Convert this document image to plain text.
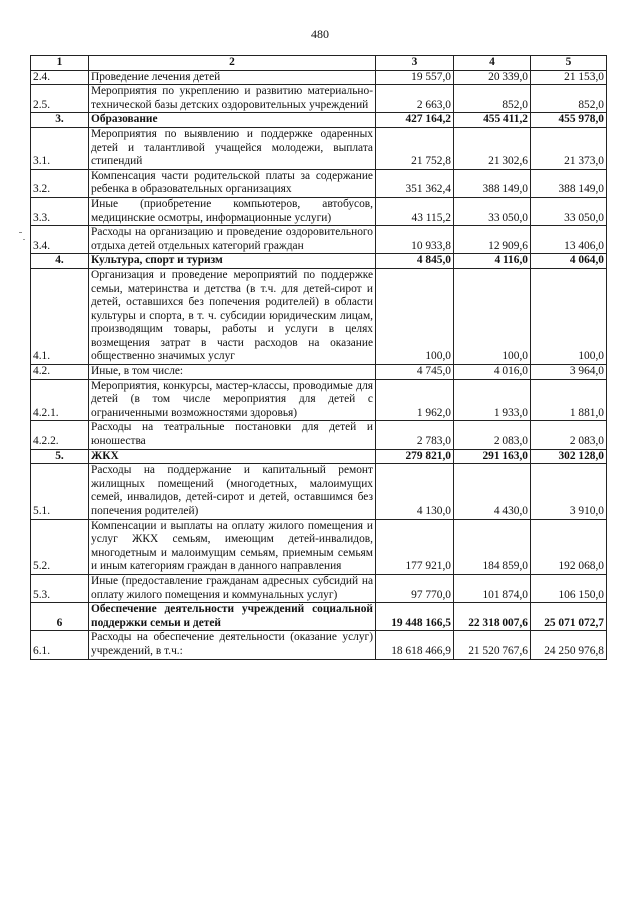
480
1	2	3	4	5
2.4.	Проведение лечения детей	19 557,0	20 339,0	21 153,0
2.5.	Мероприятия по укреплению и развитию материально-технической базы детских оздоровительных учреждений	2 663,0	852,0	852,0
3.	Образование	427 164,2	455 411,2	455 978,0
3.1.	Мероприятия по выявлению и поддержке одаренных детей и талантливой учащейся молодежи, выплата стипендий	21 752,8	21 302,6	21 373,0
3.2.	Компенсация части родительской платы за содержание ребенка в образовательных организациях	351 362,4	388 149,0	388 149,0
3.3.	Иные (приобретение компьютеров, автобусов, медицинские осмотры, информационные услуги)	43 115,2	33 050,0	33 050,0
3.4.	Расходы на организацию и проведение оздоровительного отдыха детей отдельных категорий граждан	10 933,8	12 909,6	13 406,0
4.	Культура, спорт и туризм	4 845,0	4 116,0	4 064,0
4.1.	Организация и проведение мероприятий по поддержке семьи, материнства и детства (в т.ч. для детей-сирот и детей, оставшихся без попечения родителей) в области культуры и спорта, в т. ч. субсидии юридическим лицам, производящим товары, работы и услуги в целях возмещения затрат в части расходов на оказание общественно значимых услуг	100,0	100,0	100,0
4.2.	Иные, в том числе:	4 745,0	4 016,0	3 964,0
4.2.1.	Мероприятия, конкурсы, мастер-классы, проводимые для детей (в том числе мероприятия для детей с ограниченными возможностями здоровья)	1 962,0	1 933,0	1 881,0
4.2.2.	Расходы на театральные постановки для детей и юношества	2 783,0	2 083,0	2 083,0
5.	ЖКХ	279 821,0	291 163,0	302 128,0
5.1.	Расходы на поддержание и капитальный ремонт жилищных помещений (многодетных, малоимущих семей, инвалидов, детей-сирот и детей, оставшимся без попечения родителей)	4 130,0	4 430,0	3 910,0
5.2.	Компенсации и выплаты на оплату жилого помещения и услуг ЖКХ семьям, имеющим детей-инвалидов, многодетным и малоимущим семьям, приемным семьям и иным категориям граждан в данного направления	177 921,0	184 859,0	192 068,0
5.3.	Иные (предоставление гражданам адресных субсидий на оплату жилого помещения и коммунальных услуг)	97 770,0	101 874,0	106 150,0
6	Обеспечение деятельности учреждений социальной поддержки семьи и детей	19 448 166,5	22 318 007,6	25 071 072,7
6.1.	Расходы на обеспечение деятельности (оказание услуг) учреждений, в т.ч.:	18 618 466,9	21 520 767,6	24 250 976,8
